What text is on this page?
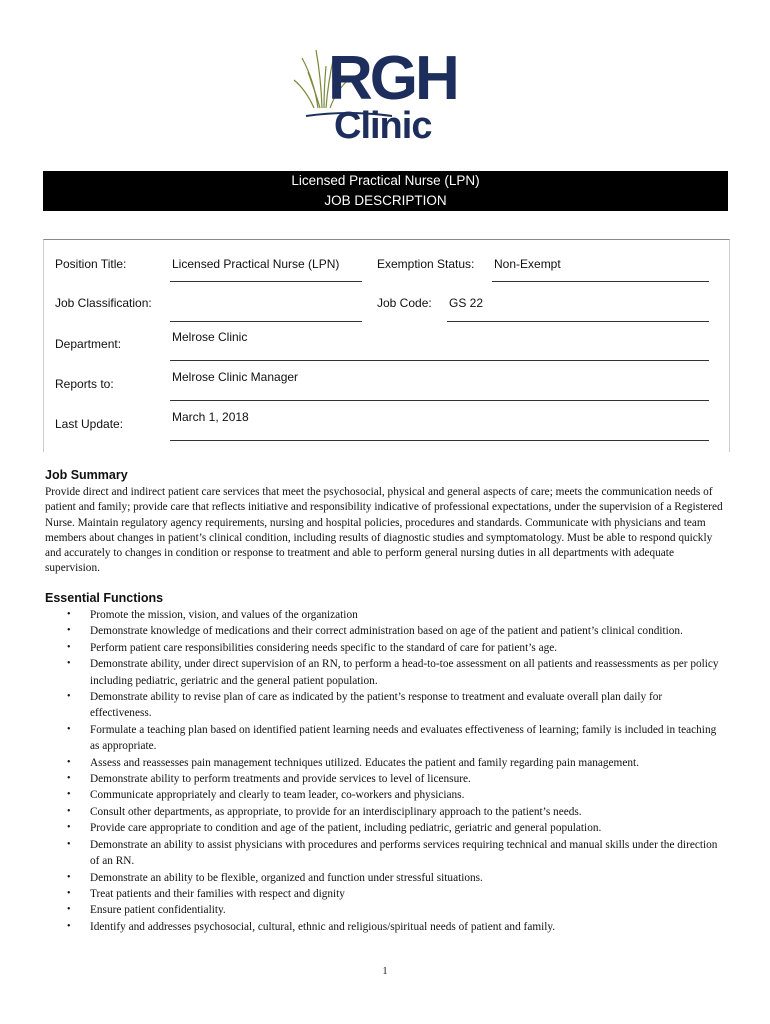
RGH
Clinic
Licensed Practical Nurse (LPN)
JOB DESCRIPTION
Position Title:	Licensed Practical Nurse (LPN)	Exemption Status: Non-Exempt
Job Classification:	Job Code: GS 22
Department:	Melrose Clinic
Reports to:	Melrose Clinic Manager
Last Update:	March 1, 2018
Job Summary
Provide direct and indirect patient care services that meet the psychosocial, physical and general aspects of care; meets the communication needs of patient and family; provide care that reflects initiative and responsibility indicative of professional expectations, under the supervision of a Registered Nurse. Maintain regulatory agency requirements, nursing and hospital policies, procedures and standards. Communicate with physicians and team members about changes in patient’s clinical condition, including results of diagnostic studies and symptomatology. Must be able to respond quickly and accurately to changes in condition or response to treatment and able to perform general nursing duties in all departments with adequate supervision.
Essential Functions
• Promote the mission, vision, and values of the organization
• Demonstrate knowledge of medications and their correct administration based on age of the patient and patient’s clinical condition.
• Perform patient care responsibilities considering needs specific to the standard of care for patient’s age.
• Demonstrate ability, under direct supervision of an RN, to perform a head-to-toe assessment on all patients and reassessments as per policy including pediatric, geriatric and the general patient population.
• Demonstrate ability to revise plan of care as indicated by the patient’s response to treatment and evaluate overall plan daily for effectiveness.
• Formulate a teaching plan based on identified patient learning needs and evaluates effectiveness of learning; family is included in teaching as appropriate.
• Assess and reassesses pain management techniques utilized. Educates the patient and family regarding pain management.
• Demonstrate ability to perform treatments and provide services to level of licensure.
• Communicate appropriately and clearly to team leader, co-workers and physicians.
• Consult other departments, as appropriate, to provide for an interdisciplinary approach to the patient’s needs.
• Provide care appropriate to condition and age of the patient, including pediatric, geriatric and general population.
• Demonstrate an ability to assist physicians with procedures and performs services requiring technical and manual skills under the direction of an RN.
• Demonstrate an ability to be flexible, organized and function under stressful situations.
• Treat patients and their families with respect and dignity
• Ensure patient confidentiality.
• Identify and addresses psychosocial, cultural, ethnic and religious/spiritual needs of patient and family.
1
